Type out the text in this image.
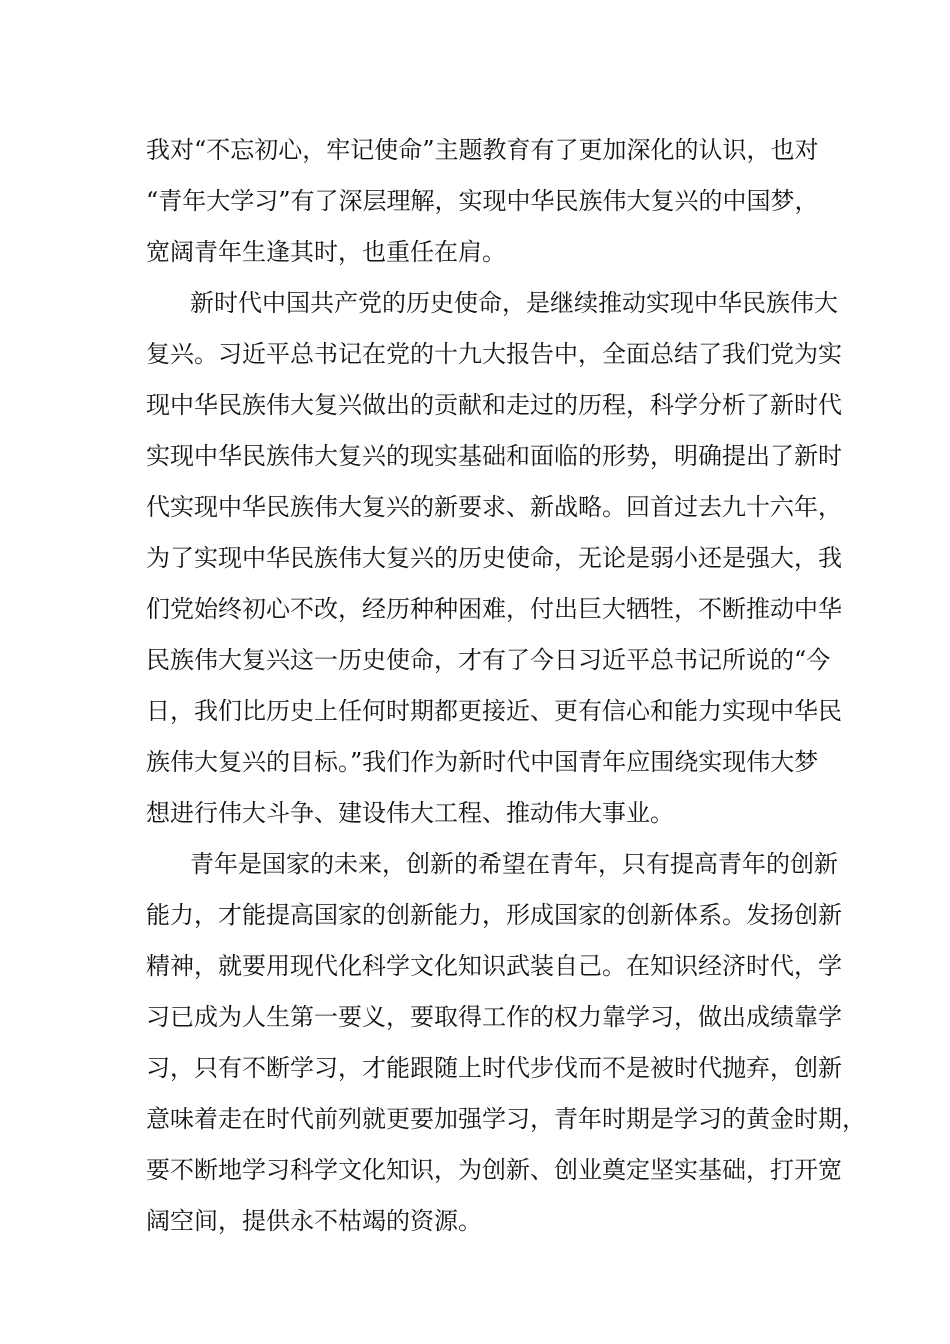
我对“不忘初心，牢记使命”主题教育有了更加深化的认识，也对
“青年大学习”有了深层理解，实现中华民族伟大复兴的中国梦，
宽阔青年生逢其时，也重任在肩。
新时代中国共产党的历史使命，是继续推动实现中华民族伟大
复兴。习近平总书记在党的十九大报告中，全面总结了我们党为实
现中华民族伟大复兴做出的贡献和走过的历程，科学分析了新时代
实现中华民族伟大复兴的现实基础和面临的形势，明确提出了新时
代实现中华民族伟大复兴的新要求、新战略。回首过去九十六年，
为了实现中华民族伟大复兴的历史使命，无论是弱小还是强大，我
们党始终初心不改，经历种种困难，付出巨大牺牲，不断推动中华
民族伟大复兴这一历史使命，才有了今日习近平总书记所说的“今
日，我们比历史上任何时期都更接近、更有信心和能力实现中华民
族伟大复兴的目标。”我们作为新时代中国青年应围绕实现伟大梦
想进行伟大斗争、建设伟大工程、推动伟大事业。
青年是国家的未来，创新的希望在青年，只有提高青年的创新
能力，才能提高国家的创新能力，形成国家的创新体系。发扬创新
精神，就要用现代化科学文化知识武装自己。在知识经济时代，学
习已成为人生第一要义，要取得工作的权力靠学习，做出成绩靠学
习，只有不断学习，才能跟随上时代步伐而不是被时代抛弃，创新
意味着走在时代前列就更要加强学习，青年时期是学习的黄金时期，
要不断地学习科学文化知识，为创新、创业奠定坚实基础，打开宽
阔空间，提供永不枯竭的资源。
